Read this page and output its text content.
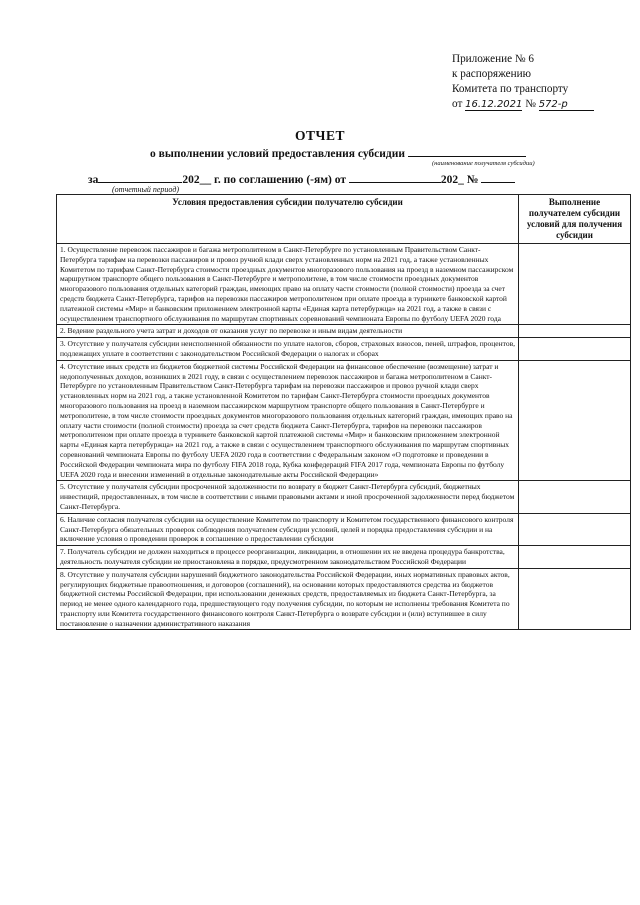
Приложение № 6
к распоряжению
Комитета по транспорту
от 16.12.2021 № 572-р
ОТЧЕТ
о выполнении условий предоставления субсидии
(наименование получателя субсидии)
за	202__ г. по соглашению (-ям) от	202_ №
(отчетный период)
Условия предоставления субсидии получателю субсидии	Выполнение получателем субсидии условий для получения субсидии
1. Осуществление перевозок пассажиров и багажа метрополитеном в Санкт-Петербурге по установленным Правительством Санкт-Петербурга тарифам на перевозки пассажиров и провоз ручной клади сверх установленных норм на 2021 год, а также установленных Комитетом по тарифам Санкт-Петербурга стоимости проездных документов многоразового пользования на проезд в наземном пассажирском маршрутном транспорте общего пользования в Санкт-Петербурге и метрополитене, в том числе стоимости проездных документов многоразового пользования отдельных категорий граждан, имеющих право на оплату части стоимости (полной стоимости) проезда за счет средств бюджета Санкт-Петербурга, тарифов на перевозки пассажиров метрополитеном при оплате проезда в турникете банковской картой платежной системы «Мир» и банковским приложением электронной карты «Единая карта петербуржца» на 2021 год, а также в связи с осуществлением транспортного обслуживания по маршрутам спортивных соревнований чемпионата Европы по футболу UEFA 2020 года	
2. Ведение раздельного учета затрат и доходов от оказания услуг по перевозке и иным видам деятельности	
3. Отсутствие у получателя субсидии неисполненной обязанности по уплате налогов, сборов, страховых взносов, пеней, штрафов, процентов, подлежащих уплате в соответствии с законодательством Российской Федерации о налогах и сборах	
4. Отсутствие иных средств из бюджетов бюджетной системы Российской Федерации на финансовое обеспечение (возмещение) затрат и недополученных доходов, возникших в 2021 году, в связи с осуществлением перевозок пассажиров и багажа метрополитеном в Санкт-Петербурге по установленным Правительством Санкт-Петербурга тарифам на перевозки пассажиров и провоз ручной клади сверх установленных норм на 2021 год, а также установленной Комитетом по тарифам Санкт-Петербурга стоимости проездных документов многоразового пользования на проезд в наземном пассажирском маршрутном транспорте общего пользования в Санкт-Петербурге и метрополитене, в том числе стоимости проездных документов многоразового пользования отдельных категорий граждан, имеющих право на оплату части стоимости (полной стоимости) проезда за счет средств бюджета Санкт-Петербурга, тарифов на перевозки пассажиров метрополитеном при оплате проезда в турникете банковской картой платежной системы «Мир» и банковским приложением электронной карты «Единая карта петербуржца» на 2021 год, а также в связи с осуществлением транспортного обслуживания по маршрутам спортивных соревнований чемпионата Европы по футболу UEFA 2020 года в соответствии с Федеральным законом «О подготовке и проведении в Российской Федерации чемпионата мира по футболу FIFA 2018 года, Кубка конфедераций FIFA 2017 года, чемпионата Европы по футболу UEFA 2020 года и внесении изменений в отдельные законодательные акты Российской Федерации»	
5. Отсутствие у получателя субсидии просроченной задолженности по возврату в бюджет Санкт-Петербурга субсидий, бюджетных инвестиций, предоставленных, в том числе в соответствии с иными правовыми актами и иной просроченной задолженности перед бюджетом Санкт-Петербурга.	
6. Наличие согласия получателя субсидии на осуществление Комитетом по транспорту и Комитетом государственного финансового контроля Санкт-Петербурга обязательных проверок соблюдения получателем субсидии условий, целей и порядка предоставления субсидии и на включение условия о проведении проверок в соглашение о предоставлении субсидии	
7. Получатель субсидии не должен находиться в процессе реорганизации, ликвидации, в отношении их не введена процедура банкротства, деятельность получателя субсидии не приостановлена в порядке, предусмотренном законодательством Российской Федерации	
8. Отсутствие у получателя субсидии нарушений бюджетного законодательства Российской Федерации, иных нормативных правовых актов, регулирующих бюджетные правоотношения, и договоров (соглашений), на основании которых предоставляются средства из бюджетов бюджетной системы Российской Федерации, при использовании денежных средств, предоставляемых из бюджета Санкт-Петербурга, за период не менее одного календарного года, предшествующего году получения субсидии, по которым не исполнены требования Комитета по транспорту или Комитета государственного финансового контроля Санкт-Петербурга о возврате субсидии и (или) вступившее в силу постановление о назначении административного наказания	
